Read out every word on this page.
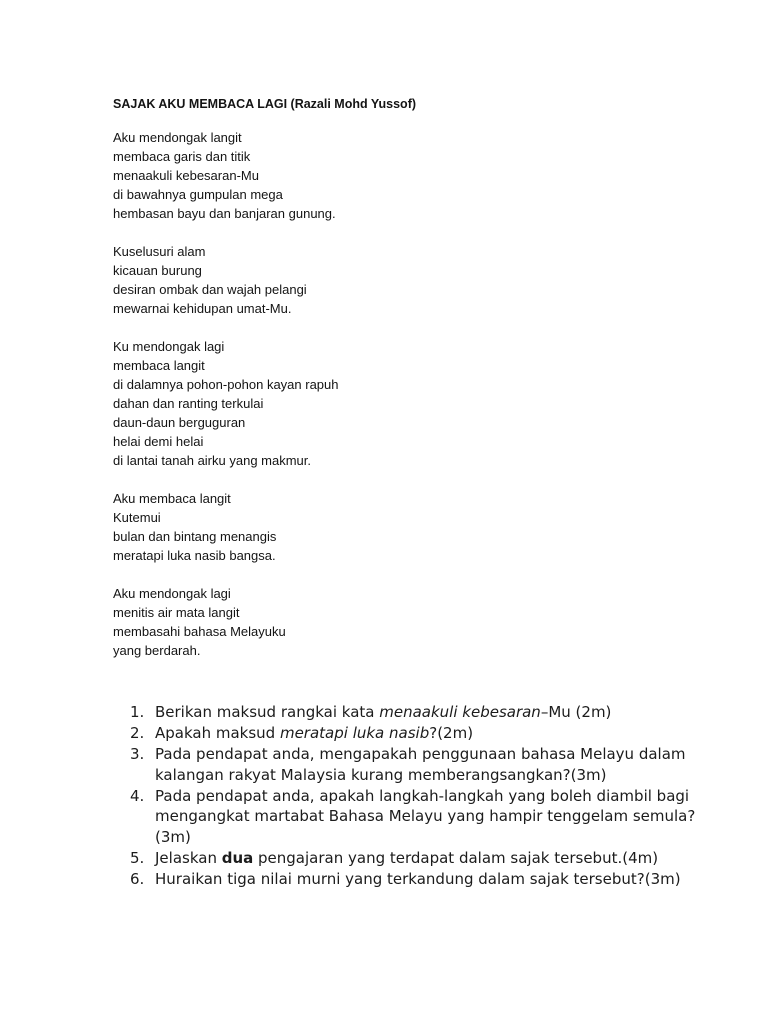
SAJAK AKU MEMBACA LAGI (Razali Mohd Yussof)
Aku mendongak langit
membaca garis dan titik
menaakuli kebesaran-Mu
di bawahnya gumpulan mega
hembasan bayu dan banjaran gunung.
Kuselusuri alam
kicauan burung
desiran ombak dan wajah pelangi
mewarnai kehidupan umat-Mu.
Ku mendongak lagi
membaca langit
di dalamnya pohon-pohon kayan rapuh
dahan dan ranting terkulai
daun-daun berguguran
helai demi helai
di lantai tanah airku yang makmur.
Aku membaca langit
Kutemui
bulan dan bintang menangis
meratapi luka nasib bangsa.
Aku mendongak lagi
menitis air mata langit
membasahi bahasa Melayuku
yang berdarah.
1. Berikan maksud rangkai kata menaakuli kebesaran–Mu (2m)
2. Apakah maksud meratapi luka nasib?(2m)
3. Pada pendapat anda, mengapakah penggunaan bahasa Melayu dalam kalangan rakyat Malaysia kurang memberangsangkan?(3m)
4. Pada pendapat anda, apakah langkah-langkah yang boleh diambil bagi mengangkat martabat Bahasa Melayu yang hampir tenggelam semula?(3m)
5. Jelaskan dua pengajaran yang terdapat dalam sajak tersebut.(4m)
6. Huraikan tiga nilai murni yang terkandung dalam sajak tersebut?(3m)
